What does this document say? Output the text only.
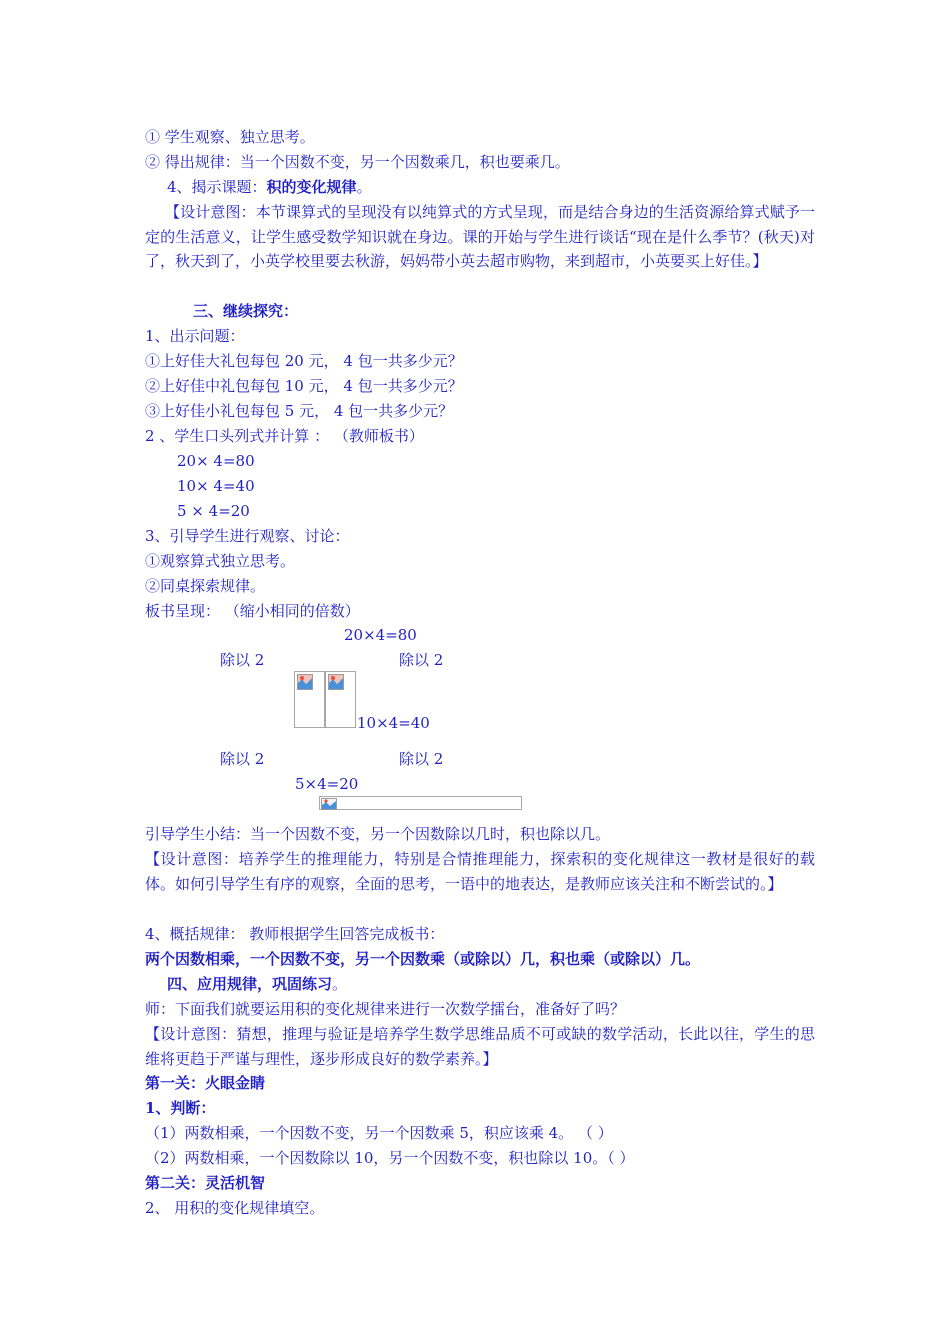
① 学生观察、独立思考。
② 得出规律：当一个因数不变，另一个因数乘几，积也要乘几。
4、揭示课题：积的变化规律。
【设计意图：本节课算式的呈现没有以纯算式的方式呈现，而是结合身边的生活资源给算式赋予一定的生活意义，让学生感受数学知识就在身边。课的开始与学生进行谈话“现在是什么季节？(秋天)对了，秋天到了，小英学校里要去秋游，妈妈带小英去超市购物，来到超市，小英要买上好佳。】
三、继续探究：
1、出示问题：
①上好佳大礼包每包 20 元， 4 包一共多少元？
②上好佳中礼包每包 10 元， 4 包一共多少元？
③上好佳小礼包每包 5 元， 4 包一共多少元？
2 、学生口头列式并计算 ： （教师板书）
20× 4=80
10× 4=40
5 × 4=20
3、引导学生进行观察、讨论：
①观察算式独立思考。
②同桌探索规律。
板书呈现： （缩小相同的倍数）
20×4=80
除以 2	除以 2
10×4=40
除以 2	除以 2
5×4=20
引导学生小结：当一个因数不变，另一个因数除以几时，积也除以几。
【设计意图：培养学生的推理能力，特别是合情推理能力，探索积的变化规律这一教材是很好的载体。如何引导学生有序的观察，全面的思考，一语中的地表达，是教师应该关注和不断尝试的。】
4、概括规律： 教师根据学生回答完成板书：
两个因数相乘，一个因数不变，另一个因数乘（或除以）几，积也乘（或除以）几。
四、应用规律，巩固练习。
师：下面我们就要运用积的变化规律来进行一次数学擂台，准备好了吗？
【设计意图：猜想，推理与验证是培养学生数学思维品质不可或缺的数学活动，长此以往，学生的思维将更趋于严谨与理性，逐步形成良好的数学素养。】
第一关：火眼金睛
1、判断：
（1）两数相乘，一个因数不变，另一个因数乘 5，积应该乘 4。 （ ）
（2）两数相乘，一个因数除以 10，另一个因数不变，积也除以 10。（ ）
第二关：灵活机智
2、 用积的变化规律填空。
